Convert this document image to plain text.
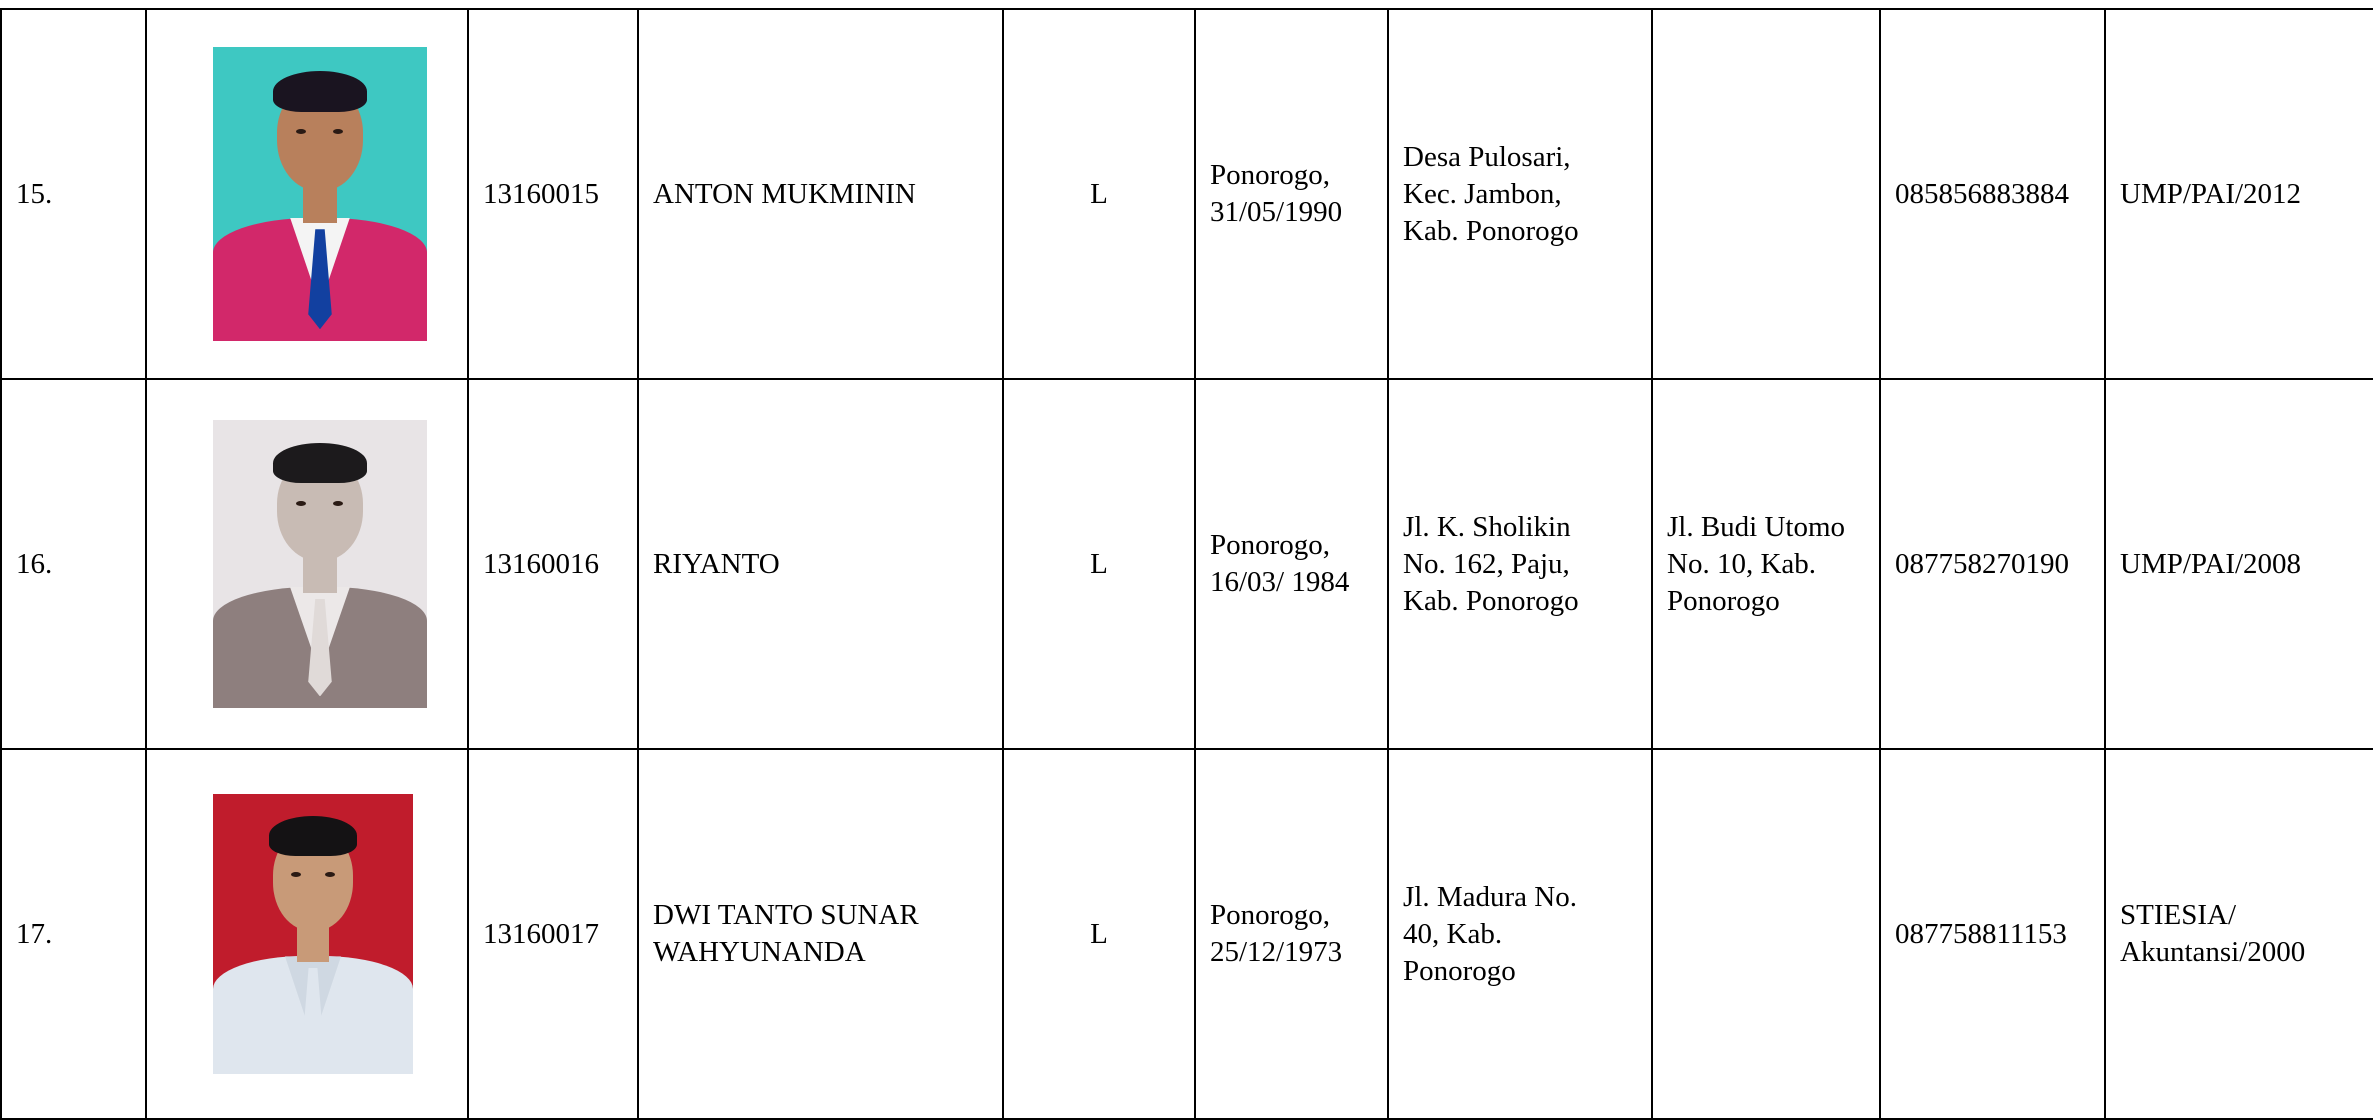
15.		13160015	ANTON MUKMININ	L	Ponorogo,
31/05/1990	Desa Pulosari,
Kec. Jambon,
Kab. Ponorogo		085856883884	UMP/PAI/2012
16.		13160016	RIYANTO	L	Ponorogo,
16/03/ 1984	Jl. K. Sholikin
No. 162, Paju,
Kab. Ponorogo	Jl. Budi Utomo
No. 10, Kab.
Ponorogo	087758270190	UMP/PAI/2008
17.		13160017	DWI TANTO SUNAR
WAHYUNANDA	L	Ponorogo,
25/12/1973	Jl. Madura No.
40, Kab.
Ponorogo		087758811153	STIESIA/
Akuntansi/2000
